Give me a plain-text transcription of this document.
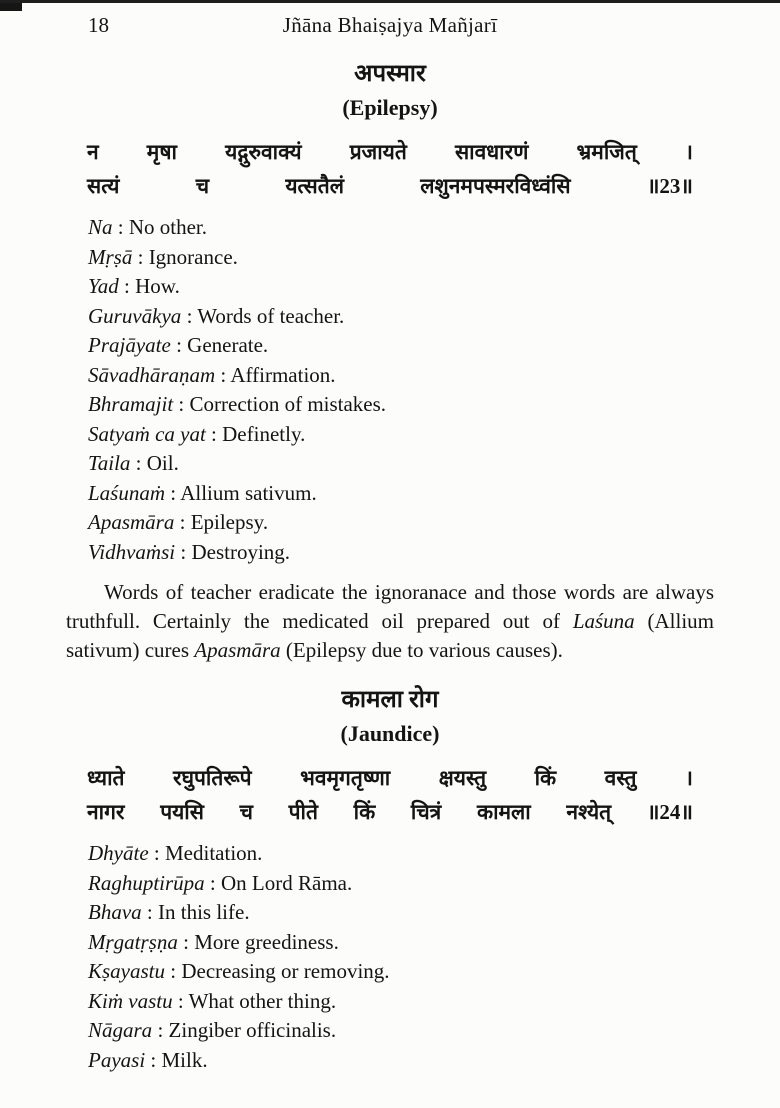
18	Jñāna Bhaiṣajya Mañjarī
अपस्मार
(Epilepsy)
न मृषा यद्गुरुवाक्यं प्रजायते सावधारणं भ्रमजित् ।
सत्यं	च	यत्सतैलं	लशुनमपस्मरविध्वंसि	॥23॥
Na : No other.
Mṛṣā : Ignorance.
Yad : How.
Guruvākya : Words of teacher.
Prajāyate : Generate.
Sāvadhāraṇam : Affirmation.
Bhramajit : Correction of mistakes.
Satyaṁ ca yat : Definetly.
Taila : Oil.
Laśunaṁ : Allium sativum.
Apasmāra : Epilepsy.
Vidhvaṁsi : Destroying.

Words of teacher eradicate the ignoranace and those words are always truthfull. Certainly the medicated oil prepared out of Laśuna (Allium sativum) cures Apasmāra (Epilepsy due to various causes).

कामला रोग
(Jaundice)
ध्याते रघुपतिरूपे भवमृगतृष्णा क्षयस्तु किं वस्तु ।
नागर पयसि च पीते किं चित्रं कामला नश्येत् ॥24॥
Dhyāte : Meditation.
Raghuptirūpa : On Lord Rāma.
Bhava : In this life.
Mṛgatṛṣṇa : More greediness.
Kṣayastu : Decreasing or removing.
Kiṁ vastu : What other thing.
Nāgara : Zingiber officinalis.
Payasi : Milk.
